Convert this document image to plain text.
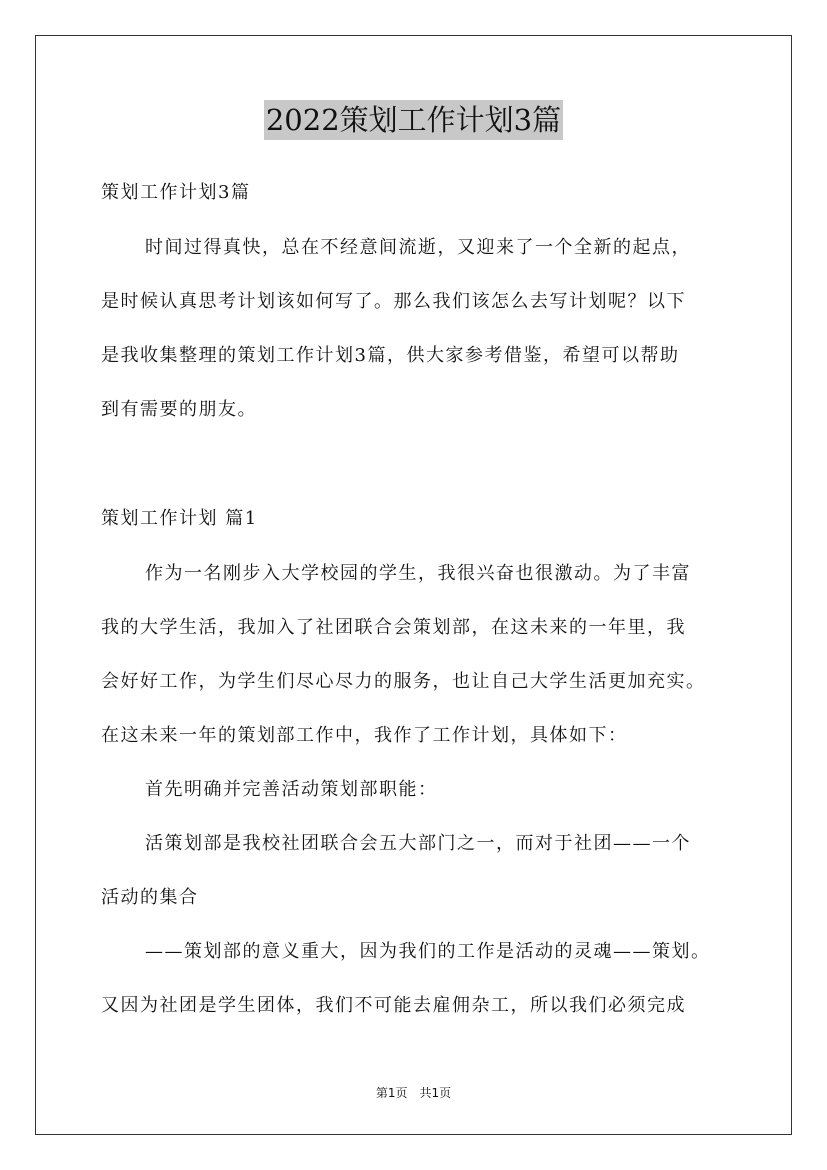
2022策划工作计划3篇
策划工作计划3篇
时间过得真快，总在不经意间流逝，又迎来了一个全新的起点，
是时候认真思考计划该如何写了。那么我们该怎么去写计划呢？以下
是我收集整理的策划工作计划3篇，供大家参考借鉴，希望可以帮助
到有需要的朋友。
策划工作计划 篇1
作为一名刚步入大学校园的学生，我很兴奋也很激动。为了丰富
我的大学生活，我加入了社团联合会策划部，在这未来的一年里，我
会好好工作，为学生们尽心尽力的服务，也让自己大学生活更加充实。
在这未来一年的策划部工作中，我作了工作计划，具体如下：
首先明确并完善活动策划部职能：
活策划部是我校社团联合会五大部门之一，而对于社团——一个
活动的集合
——策划部的意义重大，因为我们的工作是活动的灵魂——策划。
又因为社团是学生团体，我们不可能去雇佣杂工，所以我们必须完成
第1页　共1页
